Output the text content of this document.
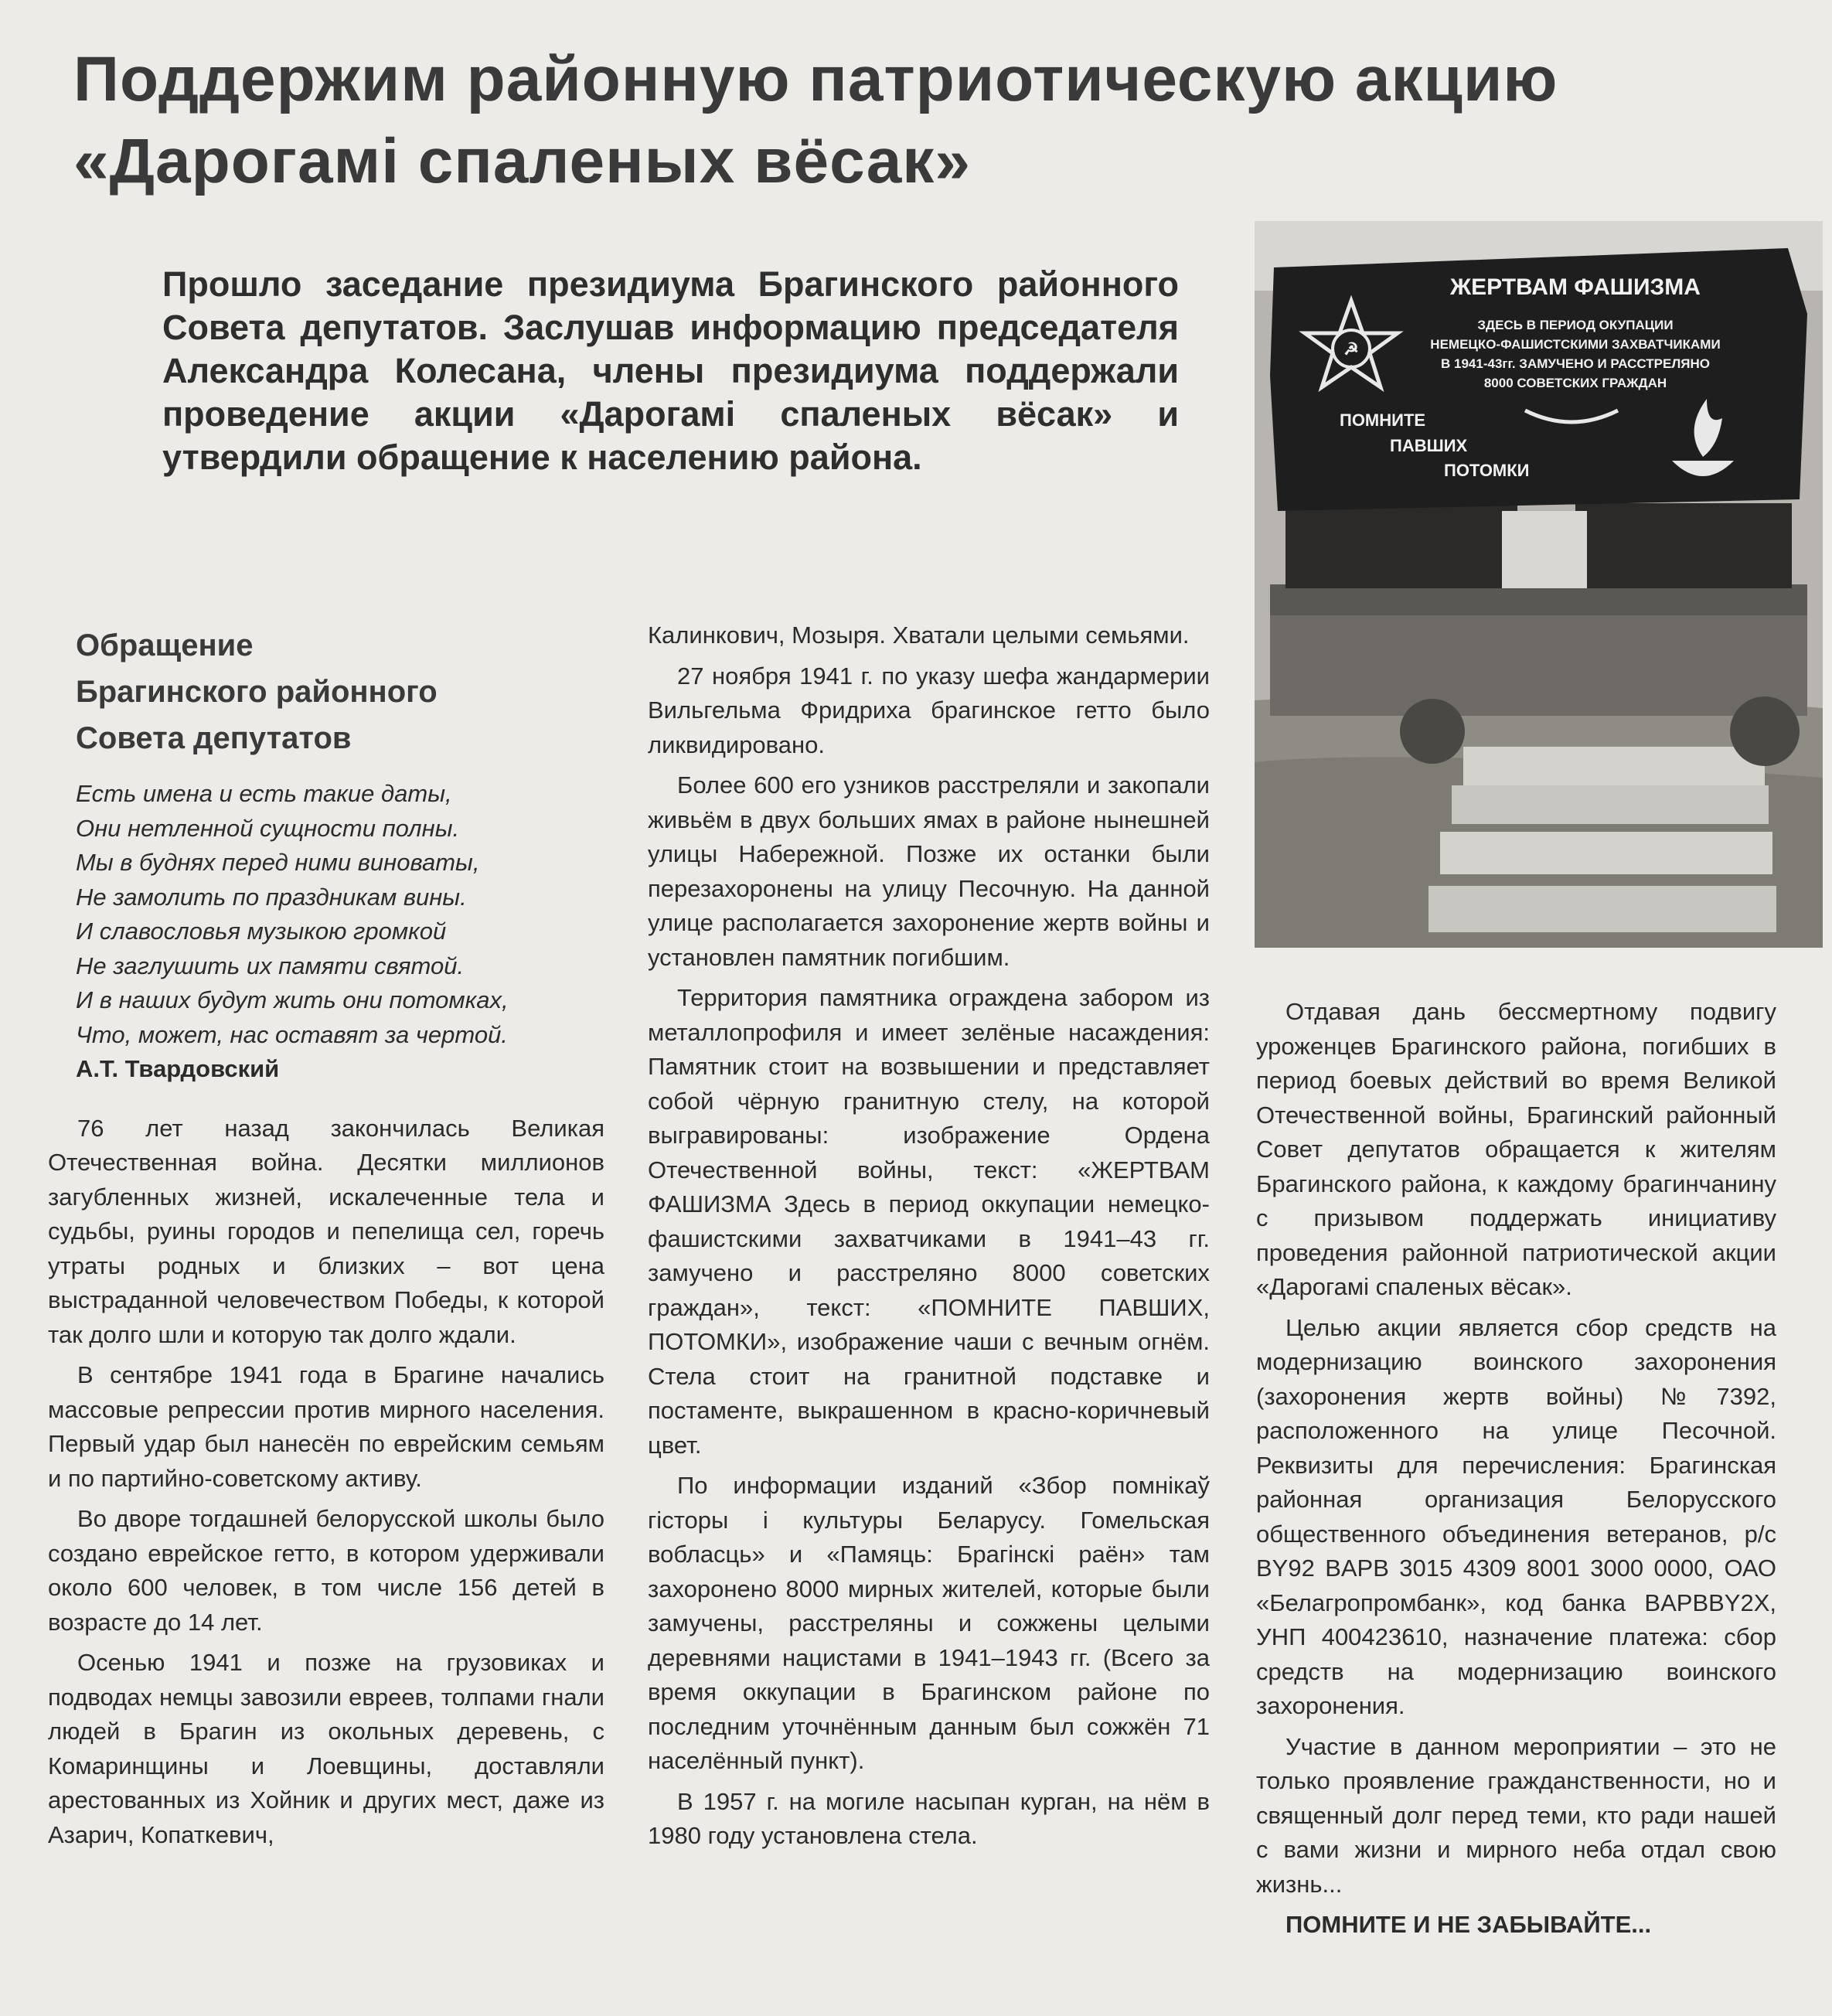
Поддержим районную патриотическую акцию
«Дарогамі спаленых вёсак»
Прошло заседание президиума Брагинского районного Совета депутатов. Заслушав информацию председателя Александра Колесана, члены президиума поддержали проведение акции «Дарогамі спаленых вёсак» и утвердили обращение к населению района.
☭
ЖЕРТВАМ ФАШИЗМА
ЗДЕСЬ В ПЕРИОД ОКУПАЦИИ
НЕМЕЦКО-ФАШИСТСКИМИ ЗАХВАТЧИКАМИ
В 1941-43гг. ЗАМУЧЕНО И РАССТРЕЛЯНО
8000 СОВЕТСКИХ ГРАЖДАН
ПОМНИТЕ
ПАВШИХ
ПОТОМКИ
Обращение
Брагинского районного
Совета депутатов
Есть имена и есть такие даты,
Они нетленной сущности полны.
Мы в буднях перед ними виноваты,
Не замолить по праздникам вины.
И славословья музыкою громкой
Не заглушить их памяти святой.
И в наших будут жить они потомках,
Что, может, нас оставят за чертой.
А.Т. Твардовский

76 лет назад закончилась Великая Отечественная война. Десятки миллионов загубленных жизней, искалеченные тела и судьбы, руины городов и пепелища сел, горечь утраты родных и близких – вот цена выстраданной человечеством Победы, к которой так долго шли и которую так долго ждали.

В сентябре 1941 года в Брагине начались массовые репрессии против мирного населения. Первый удар был нанесён по еврейским семьям и по партийно-советскому активу.

Во дворе тогдашней белорусской школы было создано еврейское гетто, в котором удерживали около 600 человек, в том числе 156 детей в возрасте до 14 лет.

Осенью 1941 и позже на грузовиках и подводах немцы завозили евреев, толпами гнали людей в Брагин из окольных деревень, с Комаринщины и Лоевщины, доставляли арестованных из Хойник и других мест, даже из Азарич, Копаткевич,

Калинкович, Мозыря. Хватали целыми семьями.

27 ноября 1941 г. по указу шефа жандармерии Вильгельма Фридриха брагинское гетто было ликвидировано.

Более 600 его узников расстреляли и закопали живьём в двух больших ямах в районе нынешней улицы Набережной. Позже их останки были перезахоронены на улицу Песочную. На данной улице располагается захоронение жертв войны и установлен памятник погибшим.

Территория памятника ограждена забором из металлопрофиля и имеет зелёные насаждения: Памятник стоит на возвышении и представляет собой чёрную гранитную стелу, на которой выгравированы: изображение Ордена Отечественной войны, текст: «ЖЕРТВАМ ФАШИЗМА Здесь в период оккупации немецко-фашистскими захватчиками в 1941–43 гг. замучено и расстреляно 8000 советских граждан», текст: «ПОМНИТЕ ПАВШИХ, ПОТОМКИ», изображение чаши с вечным огнём. Стела стоит на гранитной подставке и постаменте, выкрашенном в красно-коричневый цвет.

По информации изданий «Збор помнікаў гісторы і культуры Беларусу. Гомельская вобласць» и «Памяць: Брагінскі раён» там захоронено 8000 мирных жителей, которые были замучены, расстреляны и сожжены целыми деревнями нацистами в 1941–1943 гг. (Всего за время оккупации в Брагинском районе по последним уточнённым данным был сожжён 71 населённый пункт).

В 1957 г. на могиле насыпан курган, на нём в 1980 году установлена стела.

Отдавая дань бессмертному подвигу уроженцев Брагинского района, погибших в период боевых действий во время Великой Отечественной войны, Брагинский районный Совет депутатов обращается к жителям Брагинского района, к каждому брагинчанину с призывом поддержать инициативу проведения районной патриотической акции «Дарогамі спаленых вёсак».

Целью акции является сбор средств на модернизацию воинского захоронения (захоронения жертв войны) №7392, расположенного на улице Песочной. Реквизиты для перечисления: Брагинская районная организация Белорусского общественного объединения ветеранов, р/с BY92 BAPB 3015 4309 8001 3000 0000, ОАО «Белагропромбанк», код банка BAPBBY2X, УНП 400423610, назначение платежа: сбор средств на модернизацию воинского захоронения.

Участие в данном мероприятии – это не только проявление гражданственности, но и священный долг перед теми, кто ради нашей с вами жизни и мирного неба отдал свою жизнь...

ПОМНИТЕ И НЕ ЗАБЫВАЙТЕ...
